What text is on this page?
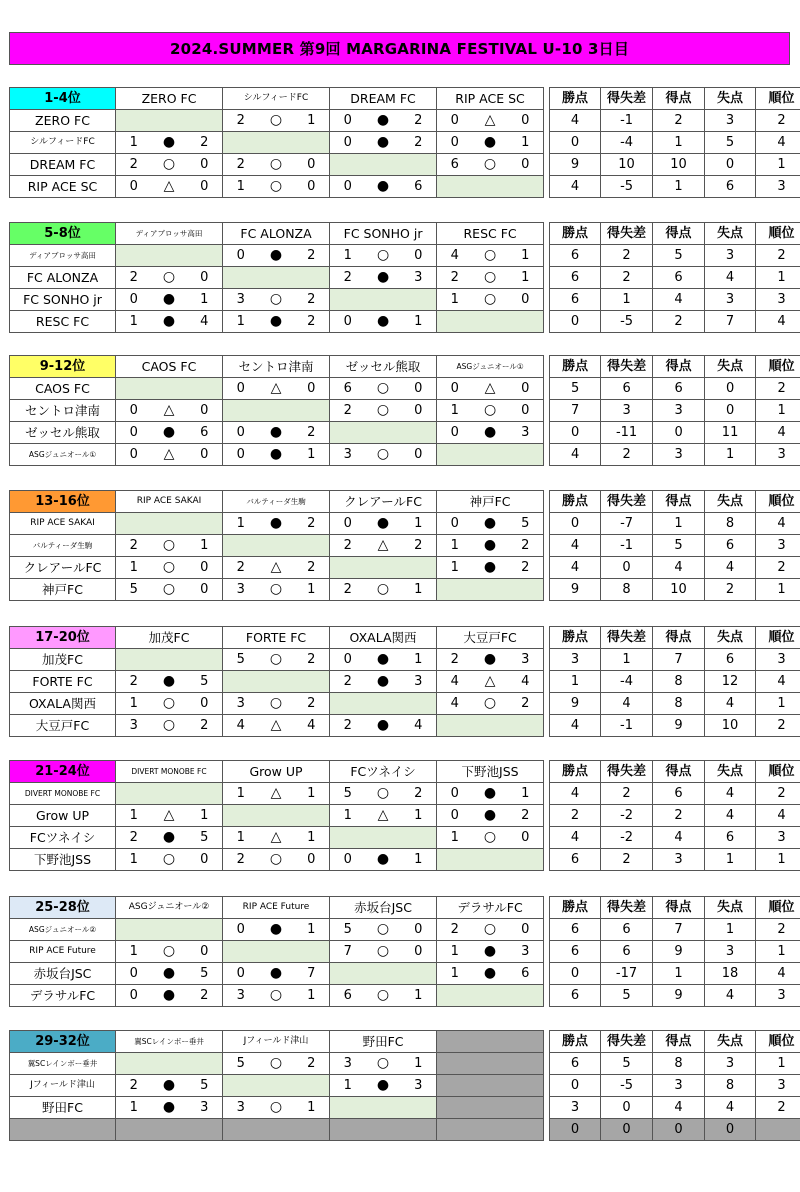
2024.SUMMER 第9回 MARGARINA FESTIVAL U-10 3日目
1-4位	ZERO FC			シルフィードFC			DREAM FC			RIP ACE SC				勝点	得失差	得点	失点	順位
ZERO FC				2	○	1	0	●	2	0	△	0		4	-1	2	3	2
シルフィードFC	1	●	2				0	●	2	0	●	1		0	-4	1	5	4
DREAM FC	2	○	0	2	○	0				6	○	0		9	10	10	0	1
RIP ACE SC	0	△	0	1	○	0	0	●	6					4	-5	1	6	3
5-8位	ディアブロッサ高田			FC ALONZA			FC SONHO jr			RESC FC				勝点	得失差	得点	失点	順位
ディアブロッサ高田				0	●	2	1	○	0	4	○	1		6	2	5	3	2
FC ALONZA	2	○	0				2	●	3	2	○	1		6	2	6	4	1
FC SONHO jr	0	●	1	3	○	2				1	○	0		6	1	4	3	3
RESC FC	1	●	4	1	●	2	0	●	1					0	-5	2	7	4
9-12位	CAOS FC			セントロ津南			ゼッセル熊取			ASGジュニオール①				勝点	得失差	得点	失点	順位
CAOS FC				0	△	0	6	○	0	0	△	0		5	6	6	0	2
セントロ津南	0	△	0				2	○	0	1	○	0		7	3	3	0	1
ゼッセル熊取	0	●	6	0	●	2				0	●	3		0	-11	0	11	4
ASGジュニオール①	0	△	0	0	●	1	3	○	0					4	2	3	1	3
13-16位	RIP ACE SAKAI			バルティーダ生駒			クレアールFC			神戸FC				勝点	得失差	得点	失点	順位
RIP ACE SAKAI				1	●	2	0	●	1	0	●	5		0	-7	1	8	4
バルティーダ生駒	2	○	1				2	△	2	1	●	2		4	-1	5	6	3
クレアールFC	1	○	0	2	△	2				1	●	2		4	0	4	4	2
神戸FC	5	○	0	3	○	1	2	○	1					9	8	10	2	1
17-20位	加茂FC			FORTE FC			OXALA関西			大豆戸FC				勝点	得失差	得点	失点	順位
加茂FC				5	○	2	0	●	1	2	●	3		3	1	7	6	3
FORTE FC	2	●	5				2	●	3	4	△	4		1	-4	8	12	4
OXALA関西	1	○	0	3	○	2				4	○	2		9	4	8	4	1
大豆戸FC	3	○	2	4	△	4	2	●	4					4	-1	9	10	2
21-24位	DIVERT MONOBE FC			Grow UP			FCツネイシ			下野池JSS				勝点	得失差	得点	失点	順位
DIVERT MONOBE FC				1	△	1	5	○	2	0	●	1		4	2	6	4	2
Grow UP	1	△	1				1	△	1	0	●	2		2	-2	2	4	4
FCツネイシ	2	●	5	1	△	1				1	○	0		4	-2	4	6	3
下野池JSS	1	○	0	2	○	0	0	●	1					6	2	3	1	1
25-28位	ASGジュニオール②			RIP ACE Future			赤坂台JSC			デラサルFC				勝点	得失差	得点	失点	順位
ASGジュニオール②				0	●	1	5	○	0	2	○	0		6	6	7	1	2
RIP ACE Future	1	○	0				7	○	0	1	●	3		6	6	9	3	1
赤坂台JSC	0	●	5	0	●	7				1	●	6		0	-17	1	18	4
デラサルFC	0	●	2	3	○	1	6	○	1					6	5	9	4	3
29-32位	翼SCレインボー垂井			Jフィールド津山			野田FC					勝点	得失差	得点	失点	順位
翼SCレインボー垂井				5	○	2	3	○	1			6	5	8	3	1
Jフィールド津山	2	●	5				1	●	3			0	-5	3	8	3
野田FC	1	●	3	3	○	1						3	0	4	4	2
												0	0	0	0	
